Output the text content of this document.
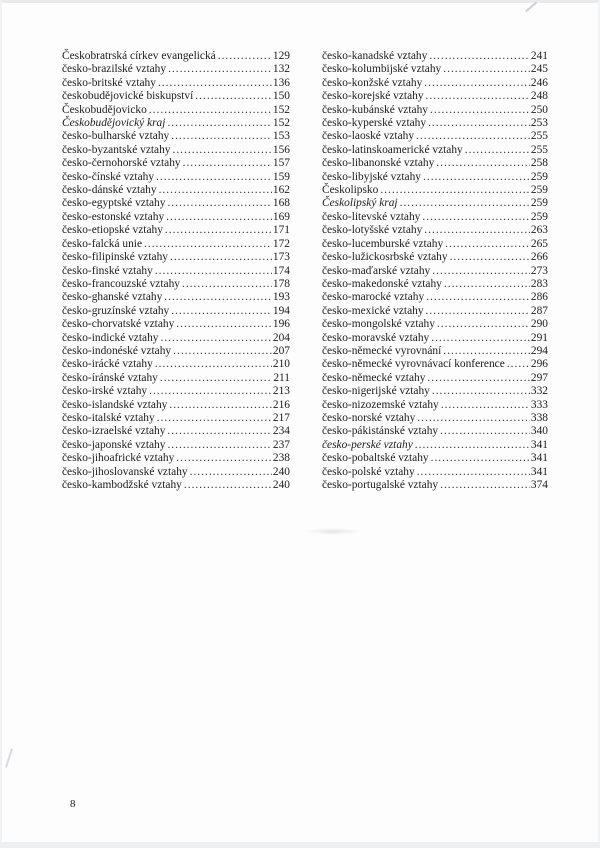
Českobratrská církev evangelická .....	129
česko-brazilské vztahy .....	132
česko-britské vztahy .....	136
českobudějovické biskupství .....	150
Českobudějovicko .....	152
Českobudějovický kraj .....	152
česko-bulharské vztahy .....	153
česko-byzantské vztahy .....	156
česko-černohorské vztahy .....	157
česko-čínské vztahy .....	159
česko-dánské vztahy .....	162
česko-egyptské vztahy .....	168
česko-estonské vztahy .....	169
česko-etiopské vztahy .....	171
česko-falcká unie .....	172
česko-filipinské vztahy .....	173
česko-finské vztahy .....	174
česko-francouzské vztahy .....	178
česko-ghanské vztahy .....	193
česko-gruzínské vztahy .....	194
česko-chorvatské vztahy .....	196
česko-indické vztahy .....	204
česko-indonéské vztahy .....	207
česko-irácké vztahy .....	210
česko-íránské vztahy .....	211
česko-irské vztahy .....	213
česko-islandské vztahy .....	216
česko-italské vztahy .....	217
česko-izraelské vztahy .....	234
česko-japonské vztahy .....	237
česko-jihoafrické vztahy .....	238
česko-jihoslovanské vztahy .....	240
česko-kambodžské vztahy .....	240
česko-kanadské vztahy .....	241
česko-kolumbijské vztahy .....	245
česko-konžské vztahy .....	246
česko-korejské vztahy .....	248
česko-kubánské vztahy .....	250
česko-kyperské vztahy .....	253
česko-laoské vztahy .....	255
česko-latinskoamerické vztahy .....	255
česko-libanonské vztahy .....	258
česko-libyjské vztahy .....	259
Českolipsko .....	259
Českolipský kraj .....	259
česko-litevské vztahy .....	259
česko-lotyšské vztahy .....	263
česko-lucemburské vztahy .....	265
česko-lužickosrbské vztahy .....	266
česko-maďarské vztahy .....	273
česko-makedonské vztahy .....	283
česko-marocké vztahy .....	286
česko-mexické vztahy .....	287
česko-mongolské vztahy .....	290
česko-moravské vztahy .....	291
česko-německé vyrovnání .....	294
česko-německé vyrovnávací konference ..... 296
česko-německé vztahy .....	297
česko-nigerijské vztahy .....	332
česko-nizozemské vztahy .....	333
česko-norské vztahy .....	338
česko-pákistánské vztahy .....	340
česko-perské vztahy .....	341
česko-pobaltské vztahy .....	341
česko-polské vztahy .....	341
česko-portugalské vztahy .....	374
8
